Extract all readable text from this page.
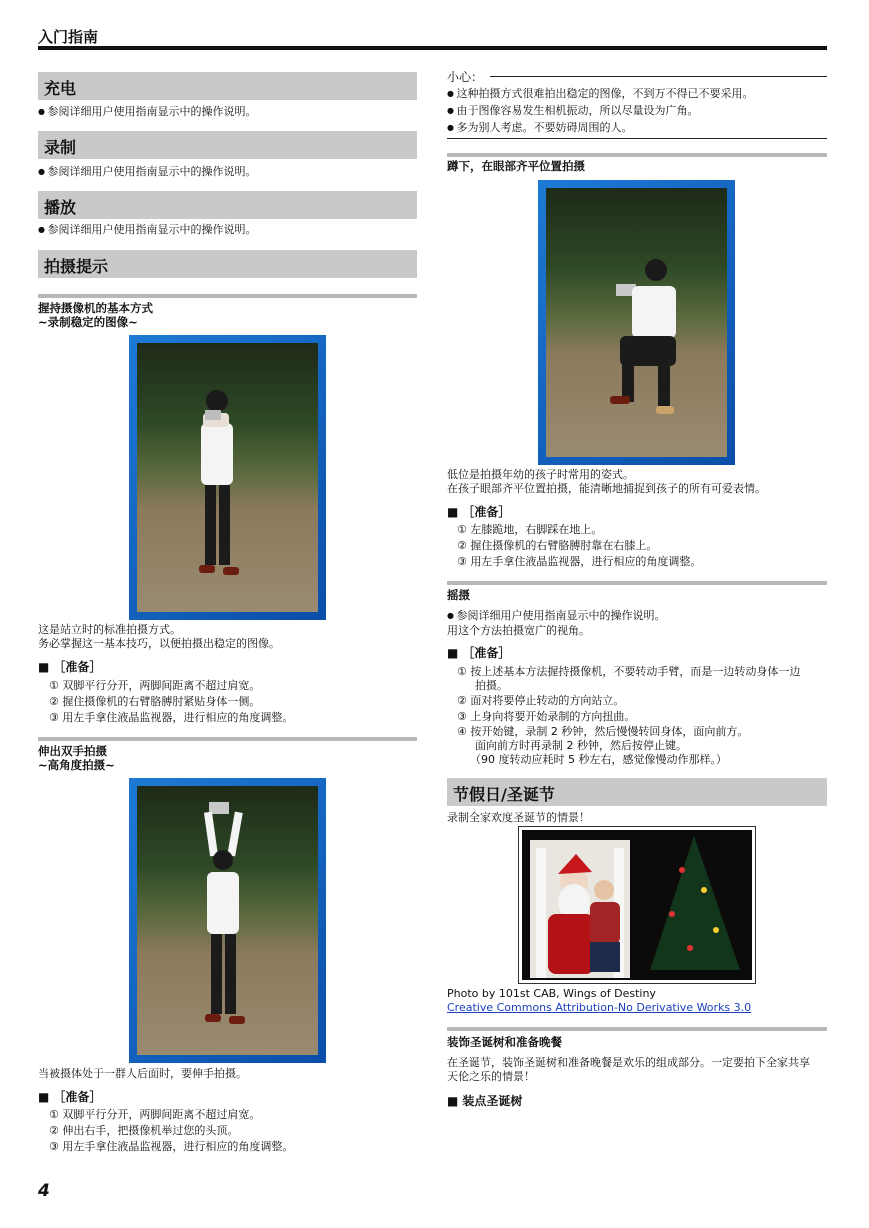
入门指南
充电
● 参阅详细用户使用指南显示中的操作说明。
录制
● 参阅详细用户使用指南显示中的操作说明。
播放
● 参阅详细用户使用指南显示中的操作说明。
拍摄提示
握持摄像机的基本方式
~录制稳定的图像~
这是站立时的标准拍摄方式。
务必掌握这一基本技巧，以便拍摄出稳定的图像。
■ ［准备］
① 双脚平行分开，两脚间距离不超过肩宽。
② 握住摄像机的右臂胳膊肘紧贴身体一侧。
③ 用左手拿住液晶监视器，进行相应的角度调整。
伸出双手拍摄
~高角度拍摄~
当被摄体处于一群人后面时，要伸手拍摄。
■ ［准备］
① 双脚平行分开，两脚间距离不超过肩宽。
② 伸出右手，把摄像机举过您的头顶。
③ 用左手拿住液晶监视器，进行相应的角度调整。
4
小心：
● 这种拍摄方式很难拍出稳定的图像，不到万不得已不要采用。
● 由于图像容易发生相机振动，所以尽量设为广角。
● 多为别人考虑。不要妨碍周围的人。
蹲下，在眼部齐平位置拍摄
低位是拍摄年幼的孩子时常用的姿式。
在孩子眼部齐平位置拍摄，能清晰地捕捉到孩子的所有可爱表情。
■ ［准备］
① 左膝跪地，右脚踩在地上。
② 握住摄像机的右臂胳膊肘靠在右膝上。
③ 用左手拿住液晶监视器，进行相应的角度调整。
摇摄
● 参阅详细用户使用指南显示中的操作说明。
用这个方法拍摄宽广的视角。
■ ［准备］
① 按上述基本方法握持摄像机，不要转动手臂，而是一边转动身体一边
拍摄。
② 面对将要停止转动的方向站立。
③ 上身向将要开始录制的方向扭曲。
④ 按开始键，录制 2 秒钟，然后慢慢转回身体，面向前方。
面向前方时再录制 2 秒钟，然后按停止键。
（90 度转动应耗时 5 秒左右，感觉像慢动作那样。）
节假日/圣诞节
录制全家欢度圣诞节的情景！
Photo by 101st CAB, Wings of Destiny
Creative Commons Attribution-No Derivative Works 3.0
装饰圣诞树和准备晚餐
在圣诞节，装饰圣诞树和准备晚餐是欢乐的组成部分。一定要拍下全家共享
天伦之乐的情景！
■ 装点圣诞树
